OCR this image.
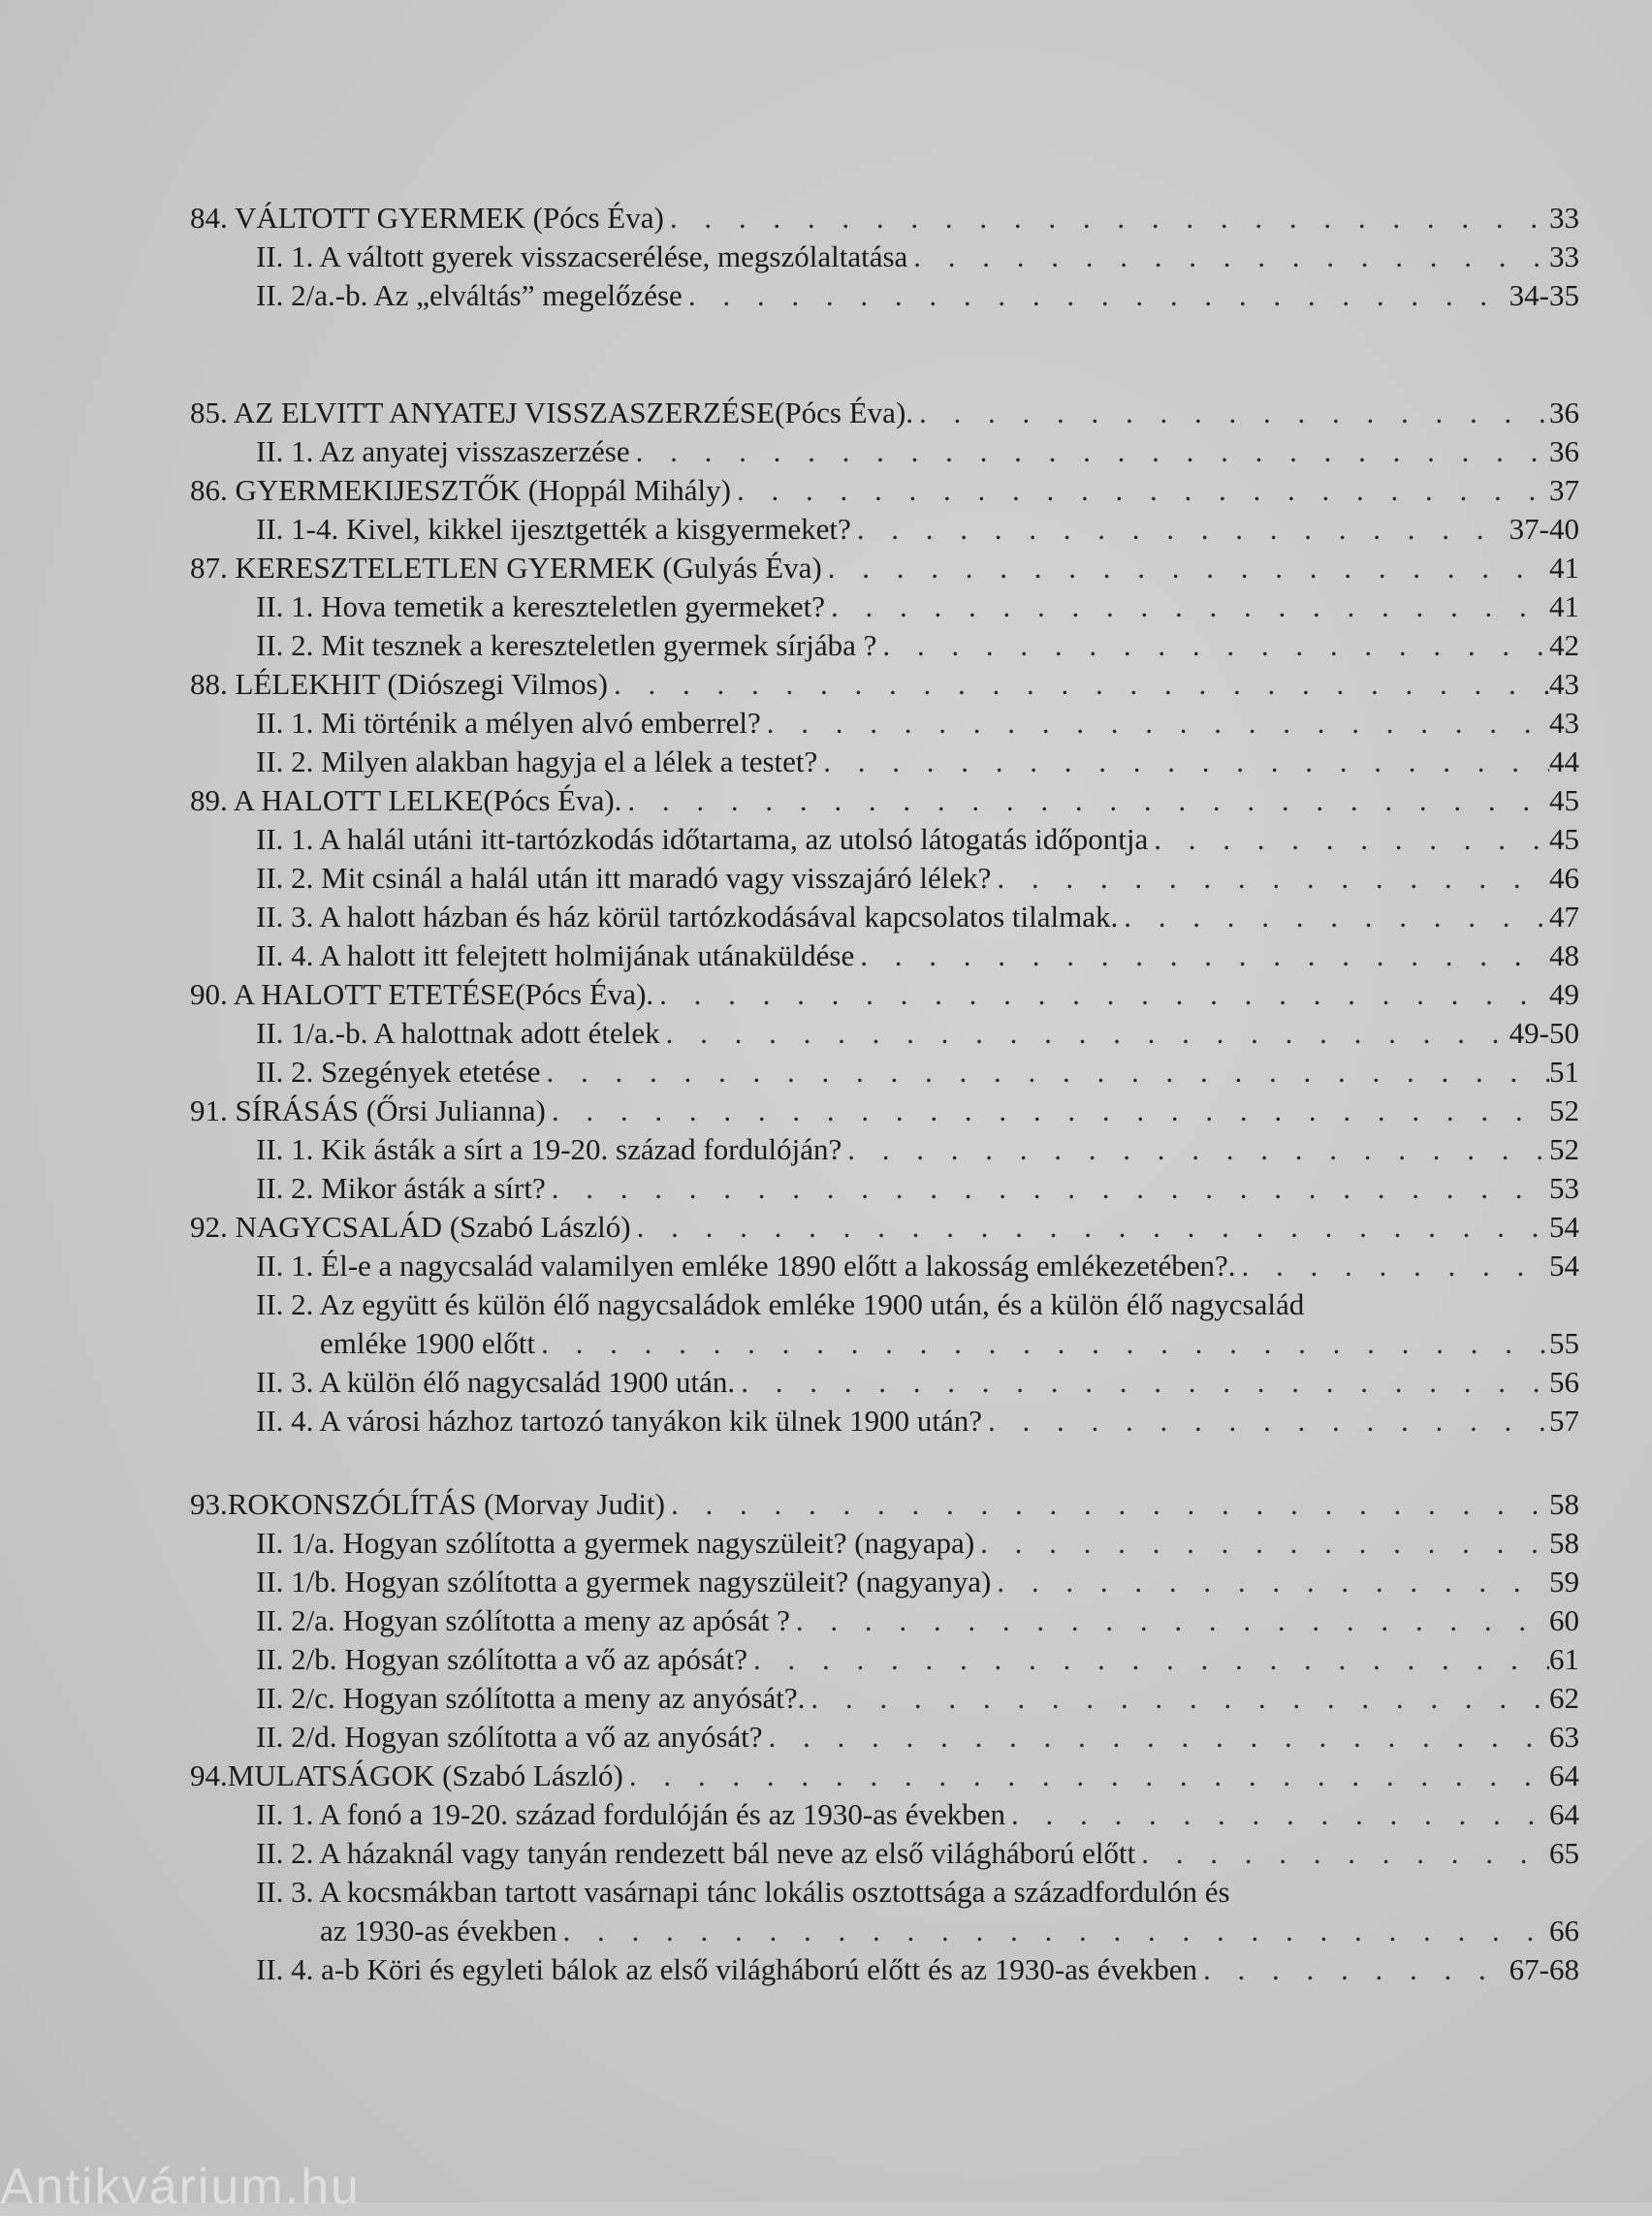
84. VÁLTOTT GYERMEK (Pócs Éva) . . .	33
II. 1. A váltott gyerek visszacserélése, megszólaltatása . . .	33
II. 2/a.-b. Az „elváltás” megelőzése . . .	34-35
85. AZ ELVITT ANYATEJ VISSZASZERZÉSE(Pócs Éva). . . .	36
II. 1. Az anyatej visszaszerzése . . .	36
86. GYERMEKIJESZTŐK (Hoppál Mihály) . . .	37
II. 1-4. Kivel, kikkel ijesztgették a kisgyermeket? . . .	37-40
87. KERESZTELETLEN GYERMEK (Gulyás Éva) . . .	41
II. 1. Hova temetik a kereszteletlen gyermeket? . . .	41
II. 2. Mit tesznek a kereszteletlen gyermek sírjába ? . . .	42
88. LÉLEKHIT (Diószegi Vilmos) . . .	43
II. 1. Mi történik a mélyen alvó emberrel? . . .	43
II. 2. Milyen alakban hagyja el a lélek a testet? . . .	44
89. A HALOTT LELKE(Pócs Éva). . . .	45
II. 1. A halál utáni itt-tartózkodás időtartama, az utolsó látogatás időpontja . . .	45
II. 2. Mit csinál a halál után itt maradó vagy visszajáró lélek? . . .	46
II. 3. A halott házban és ház körül tartózkodásával kapcsolatos tilalmak. . . .	47
II. 4. A halott itt felejtett holmijának utánaküldése . . .	48
90. A HALOTT ETETÉSE(Pócs Éva). . . .	49
II. 1/a.-b. A halottnak adott ételek . . .	49-50
II. 2. Szegények etetése . . .	51
91. SÍRÁSÁS (Őrsi Julianna) . . .	52
II. 1. Kik ásták a sírt a 19-20. század fordulóján? . . .	52
II. 2. Mikor ásták a sírt? . . .	53
92. NAGYCSALÁD (Szabó László) . . .	54
II. 1. Él-e a nagycsalád valamilyen emléke 1890 előtt a lakosság emlékezetében?. . . .	54
II. 2. Az együtt és külön élő nagycsaládok emléke 1900 után, és a külön élő nagycsalád
emléke 1900 előtt . . .	55
II. 3. A külön élő nagycsalád 1900 után. . . .	56
II. 4. A városi házhoz tartozó tanyákon kik ülnek 1900 után? . . .	57
93.ROKONSZÓLÍTÁS (Morvay Judit) . . .	58
II. 1/a. Hogyan szólította a gyermek nagyszüleit? (nagyapa) . . .	58
II. 1/b. Hogyan szólította a gyermek nagyszüleit? (nagyanya) . . .	59
II. 2/a. Hogyan szólította a meny az apósát ? . . .	60
II. 2/b. Hogyan szólította a vő az apósát? . . .	61
II. 2/c. Hogyan szólította a meny az anyósát?. . . .	62
II. 2/d. Hogyan szólította a vő az anyósát? . . .	63
94.MULATSÁGOK (Szabó László) . . .	64
II. 1. A fonó a 19-20. század fordulóján és az 1930-as években . . .	64
II. 2. A házaknál vagy tanyán rendezett bál neve az első világháború előtt . . .	65
II. 3. A kocsmákban tartott vasárnapi tánc lokális osztottsága a századfordulón és
az 1930-as években . . .	66
II. 4. a-b Köri és egyleti bálok az első világháború előtt és az 1930-as években . . .	67-68
Antikvárium.hu
